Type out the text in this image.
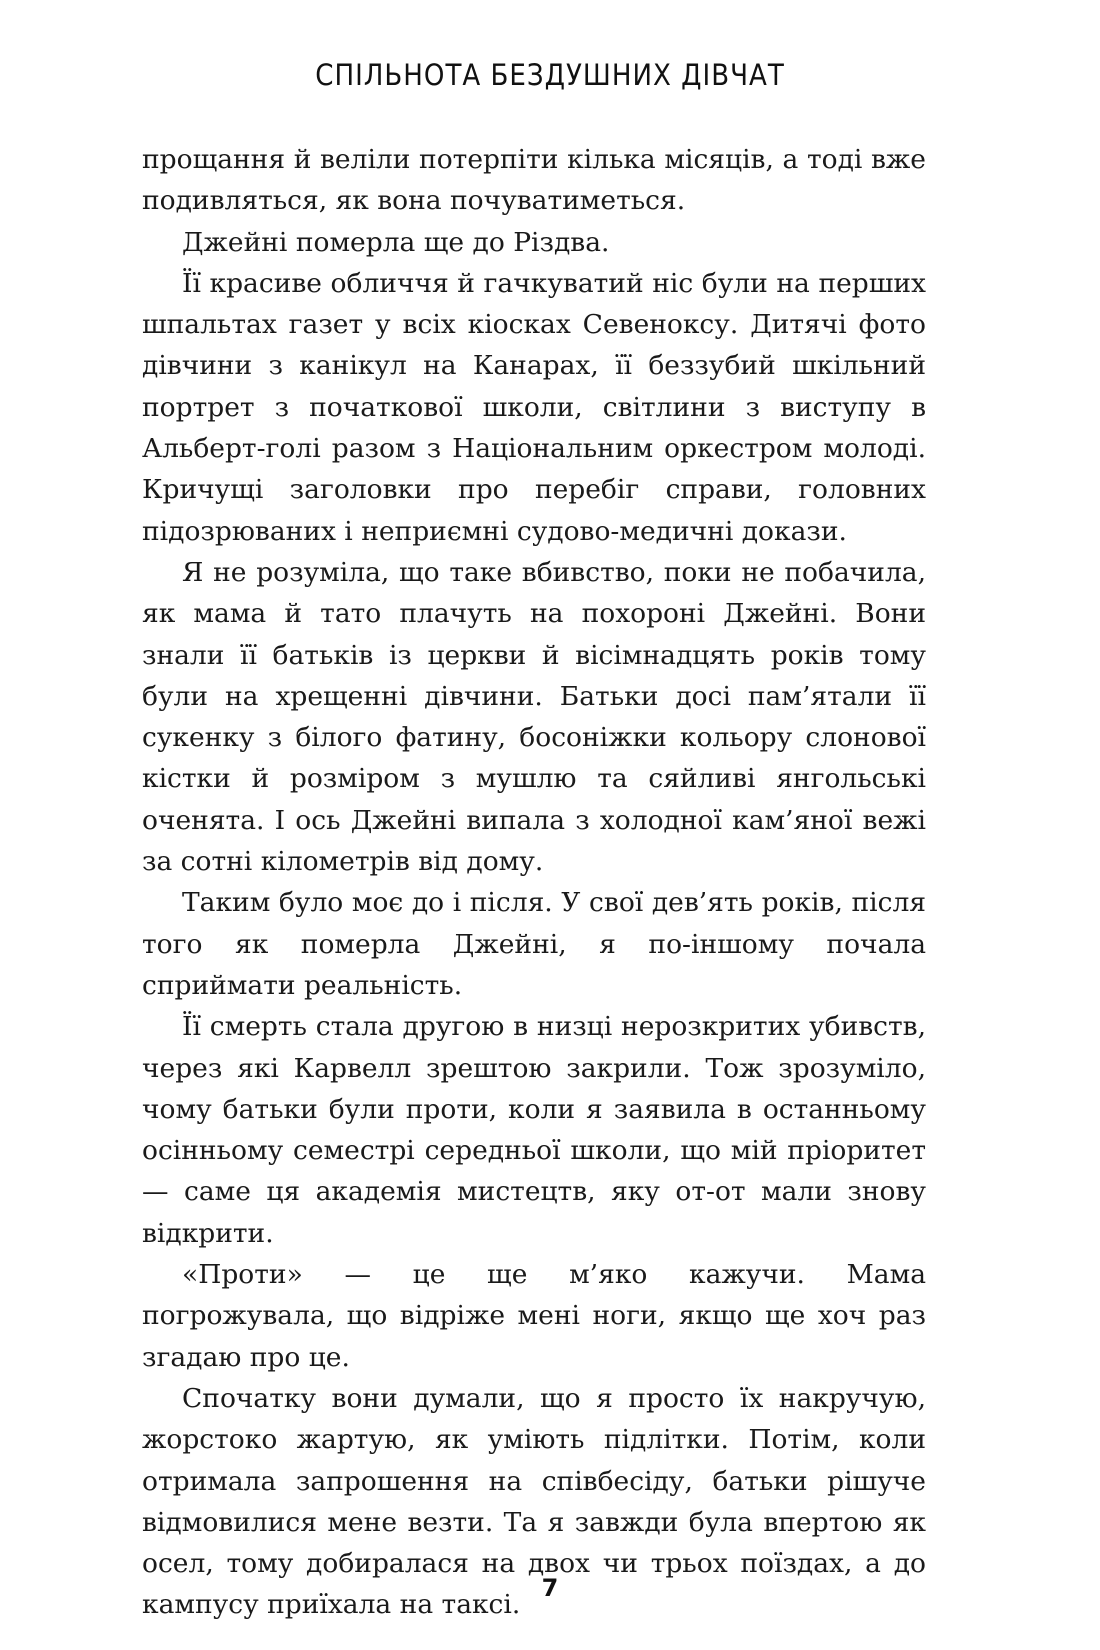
СПІЛЬНОТА БЕЗДУШНИХ ДІВЧАТ

прощання й веліли потерпіти кілька місяців, а тоді вже подивляться, як вона почуватиметься.

Джейні померла ще до Різдва.

Її красиве обличчя й гачкуватий ніс були на перших шпальтах газет у всіх кіосках Севеноксу. Дитячі фото дівчини з канікул на Канарах, її беззубий шкільний портрет з початкової школи, світлини з виступу в Альберт-голі разом з Національним оркестром молоді. Кричущі заголовки про перебіг справи, головних підозрюваних і неприємні судово-медичні докази.

Я не розуміла, що таке вбивство, поки не побачила, як мама й тато плачуть на похороні Джейні. Вони знали її батьків із церкви й вісімнадцять років тому були на хрещенні дівчини. Батьки досі пам’ятали її сукенку з білого фатину, босоніжки кольору слонової кістки й розміром з мушлю та сяйливі янгольські оченята. І ось Джейні випала з холодної кам’яної вежі за сотні кілометрів від дому.

Таким було моє до і після. У свої дев’ять років, після того як померла Джейні, я по-іншому почала сприймати реальність.

Її смерть стала другою в низці нерозкритих убивств, через які Карвелл зрештою закрили. Тож зрозуміло, чому батьки були проти, коли я заявила в останньому осінньому семестрі середньої школи, що мій пріоритет — саме ця академія мистецтв, яку от-от мали знову відкрити.

«Проти» — це ще м’яко кажучи. Мама погрожувала, що відріже мені ноги, якщо ще хоч раз згадаю про це.

Спочатку вони думали, що я просто їх накручую, жорстоко жартую, як уміють підлітки. Потім, коли отримала запрошення на співбесіду, батьки рішуче відмовилися мене везти. Та я завжди була впертою як осел, тому добиралася на двох чи трьох поїздах, а до кампусу приїхала на таксі.

7
